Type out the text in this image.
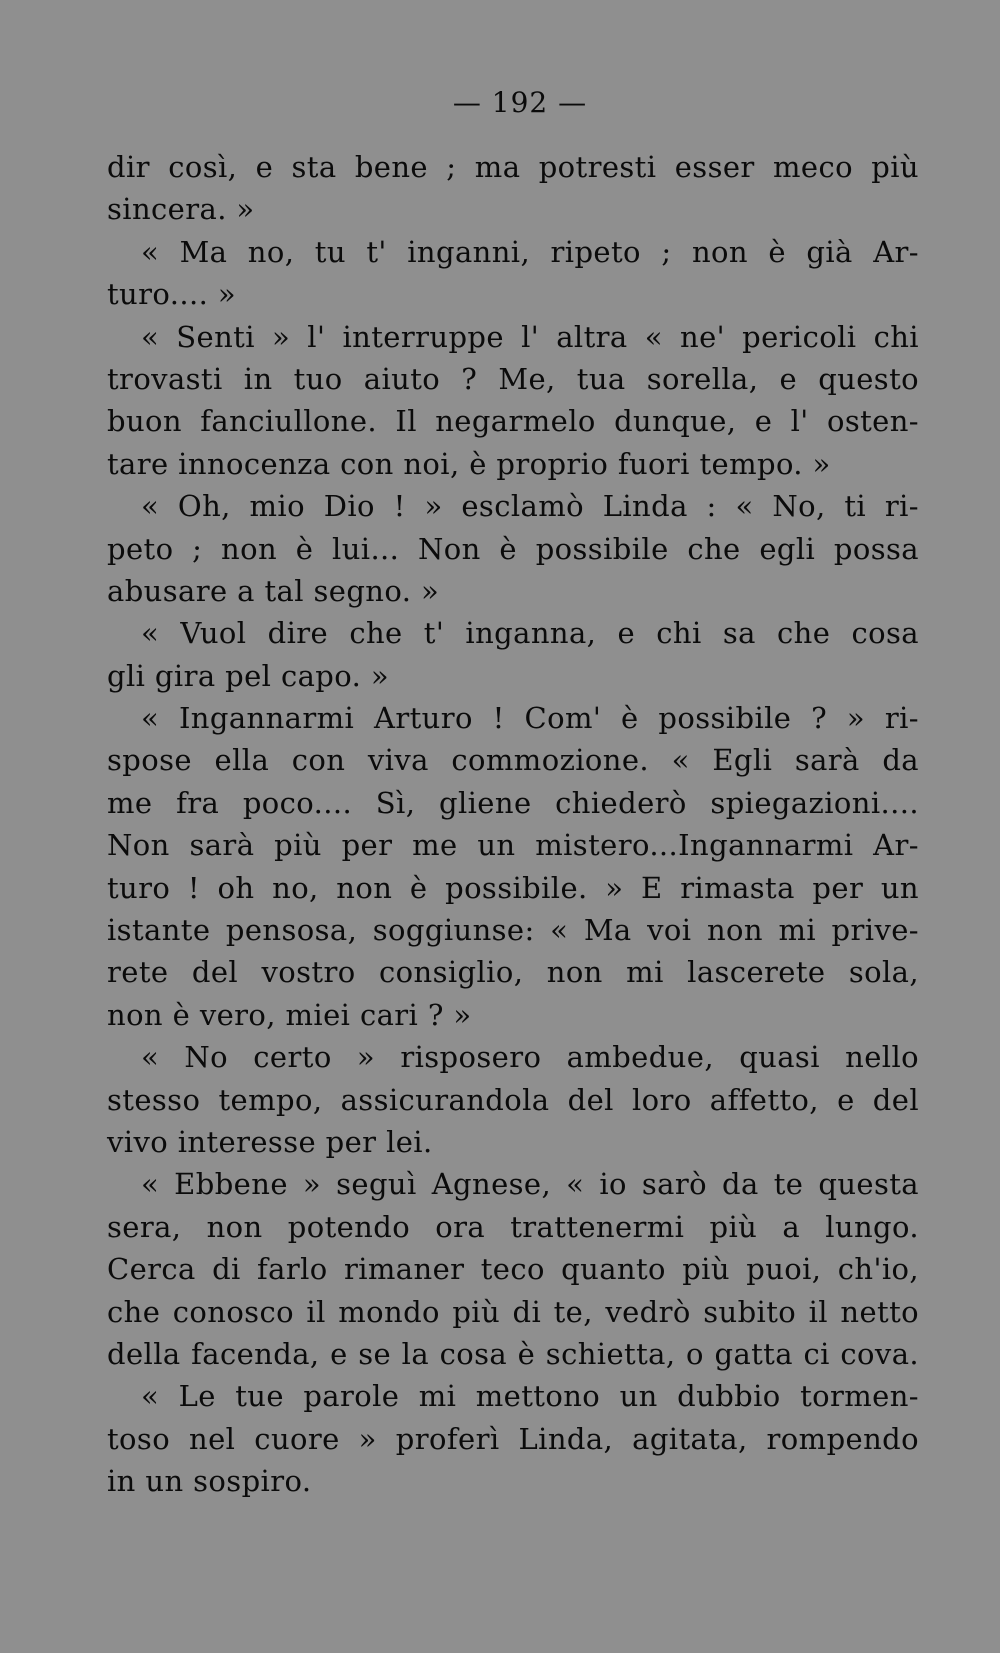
— 192 —
dir così, e sta bene ; ma potresti esser meco più
sincera. »
« Ma no, tu t' inganni, ripeto ; non è già Ar-
turo.... »
« Senti » l' interruppe l' altra « ne' pericoli chi
trovasti in tuo aiuto ? Me, tua sorella, e questo
buon fanciullone. Il negarmelo dunque, e l' osten-
tare innocenza con noi, è proprio fuori tempo. »
« Oh, mio Dio ! » esclamò Linda : « No, ti ri-
peto ; non è lui... Non è possibile che egli possa
abusare a tal segno. »
« Vuol dire che t' inganna, e chi sa che cosa
gli gira pel capo. »
« Ingannarmi Arturo ! Com' è possibile ? » ri-
spose ella con viva commozione. « Egli sarà da
me fra poco.... Sì, gliene chiederò spiegazioni....
Non sarà più per me un mistero...Ingannarmi Ar-
turo ! oh no, non è possibile. » E rimasta per un
istante pensosa, soggiunse: « Ma voi non mi prive-
rete del vostro consiglio, non mi lascerete sola,
non è vero, miei cari ? »
« No certo » risposero ambedue, quasi nello
stesso tempo, assicurandola del loro affetto, e del
vivo interesse per lei.
« Ebbene » seguì Agnese, « io sarò da te questa
sera, non potendo ora trattenermi più a lungo.
Cerca di farlo rimaner teco quanto più puoi, ch'io,
che conosco il mondo più di te, vedrò subito il netto
della facenda, e se la cosa è schietta, o gatta ci cova.
« Le tue parole mi mettono un dubbio tormen-
toso nel cuore » proferì Linda, agitata, rompendo
in un sospiro.
